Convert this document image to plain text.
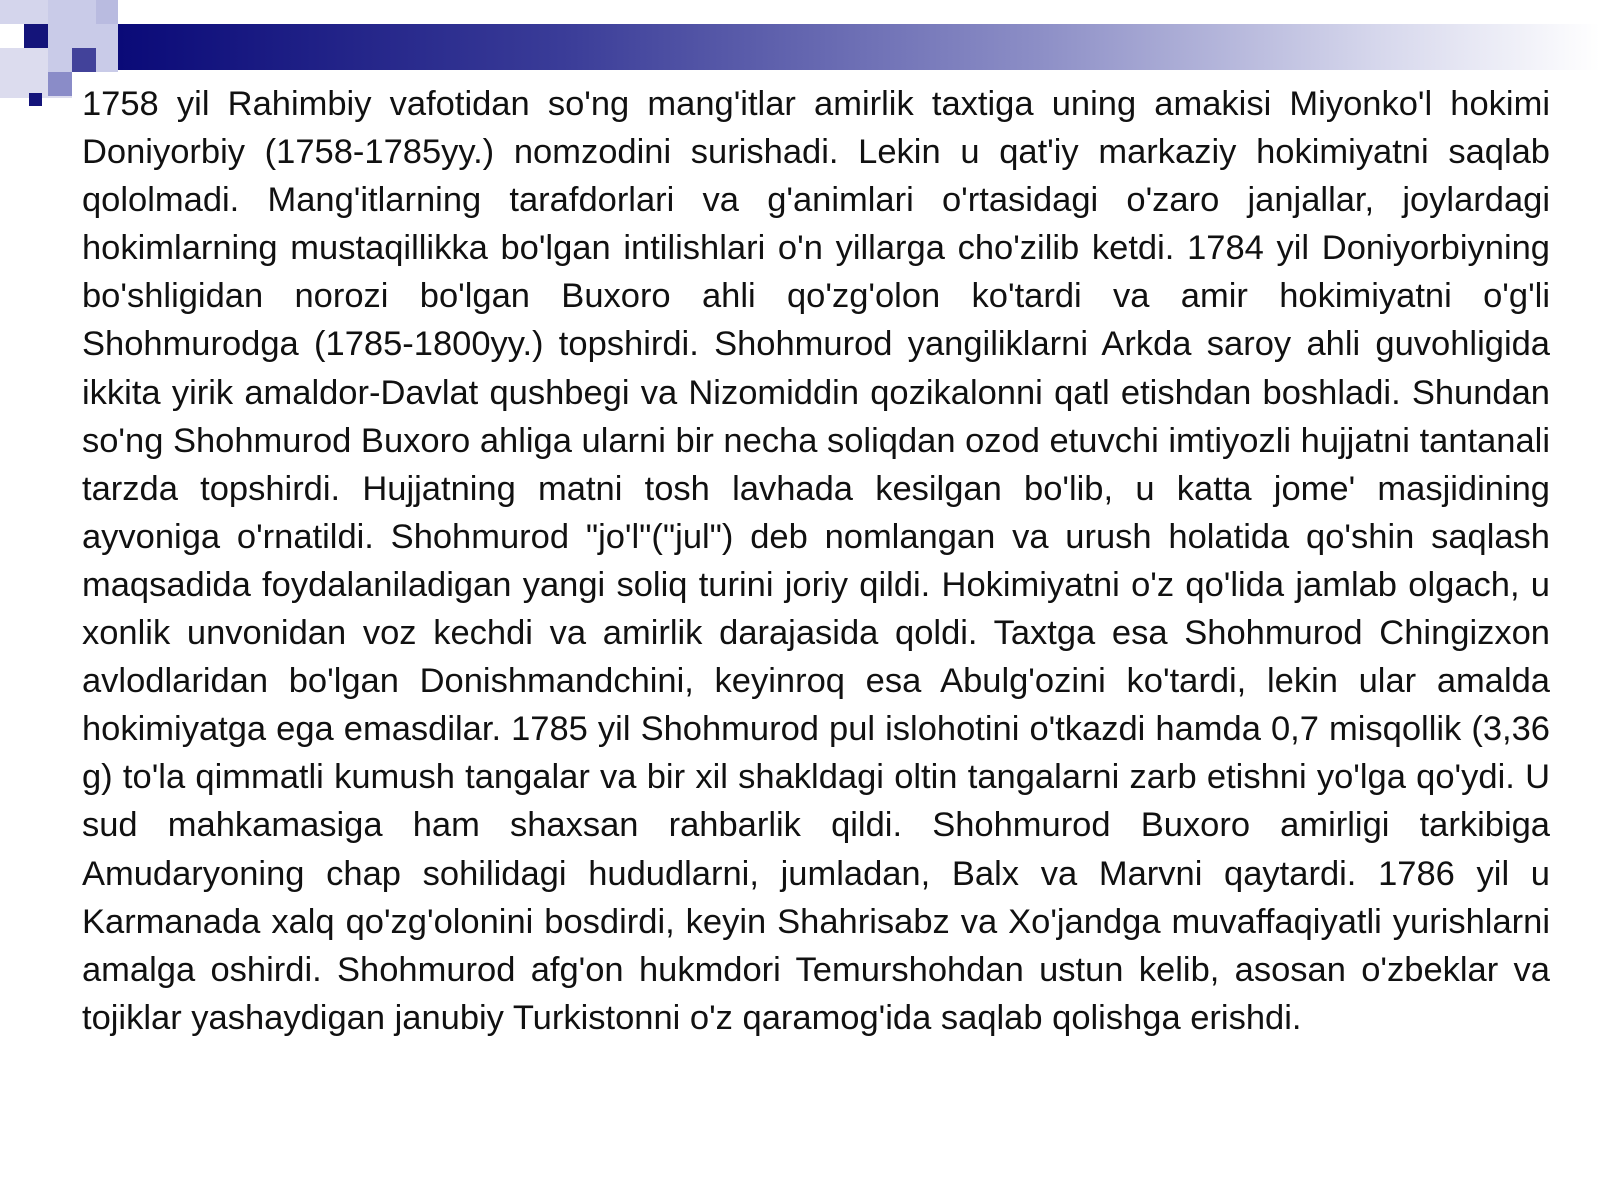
1758 yil Rahimbiy vafotidan so'ng mang'itlar amirlik taxtiga uning amakisi Miyonko'l hokimi Doniyorbiy (1758-1785yy.) nomzodini surishadi. Lekin u qat'iy markaziy hokimiyatni saqlab qololmadi. Mang'itlarning tarafdorlari va g'animlari o'rtasidagi o'zaro janjallar, joylardagi hokimlarning mustaqillikka bo'lgan intilishlari o'n yillarga cho'zilib ketdi. 1784 yil Doniyorbiyning bo'shligidan norozi bo'lgan Buxoro ahli qo'zg'olon ko'tardi va amir hokimiyatni o'g'li Shohmurodga (1785-1800yy.) topshirdi. Shohmurod yangiliklarni Arkda saroy ahli guvohligida ikkita yirik amaldor-Davlat qushbegi va Nizomiddin qozikalonni qatl etishdan boshladi. Shundan so'ng Shohmurod Buxoro ahliga ularni bir necha soliqdan ozod etuvchi imtiyozli hujjatni tantanali tarzda topshirdi. Hujjatning matni tosh lavhada kesilgan bo'lib, u katta jome' masjidining ayvoniga o'rnatildi. Shohmurod "jo'l"("jul") deb nomlangan va urush holatida qo'shin saqlash maqsadida foydalaniladigan yangi soliq turini joriy qildi. Hokimiyatni o'z qo'lida jamlab olgach, u xonlik unvonidan voz kechdi va amirlik darajasida qoldi. Taxtga esa Shohmurod Chingizxon avlodlaridan bo'lgan Donishmandchini, keyinroq esa Abulg'ozini ko'tardi, lekin ular amalda hokimiyatga ega emasdilar. 1785 yil Shohmurod pul islohotini o'tkazdi hamda 0,7 misqollik (3,36 g) to'la qimmatli kumush tangalar va bir xil shakldagi oltin tangalarni zarb etishni yo'lga qo'ydi. U sud mahkamasiga ham shaxsan rahbarlik qildi. Shohmurod Buxoro amirligi tarkibiga Amudaryoning chap sohilidagi hududlarni, jumladan, Balx va Marvni qaytardi. 1786 yil u Karmanada xalq qo'zg'olonini bosdirdi, keyin Shahrisabz va Xo'jandga muvaffaqiyatli yurishlarni amalga oshirdi. Shohmurod afg'on hukmdori Temurshohdan ustun kelib, asosan o'zbeklar va tojiklar yashaydigan janubiy Turkistonni o'z qaramog'ida saqlab qolishga erishdi.
